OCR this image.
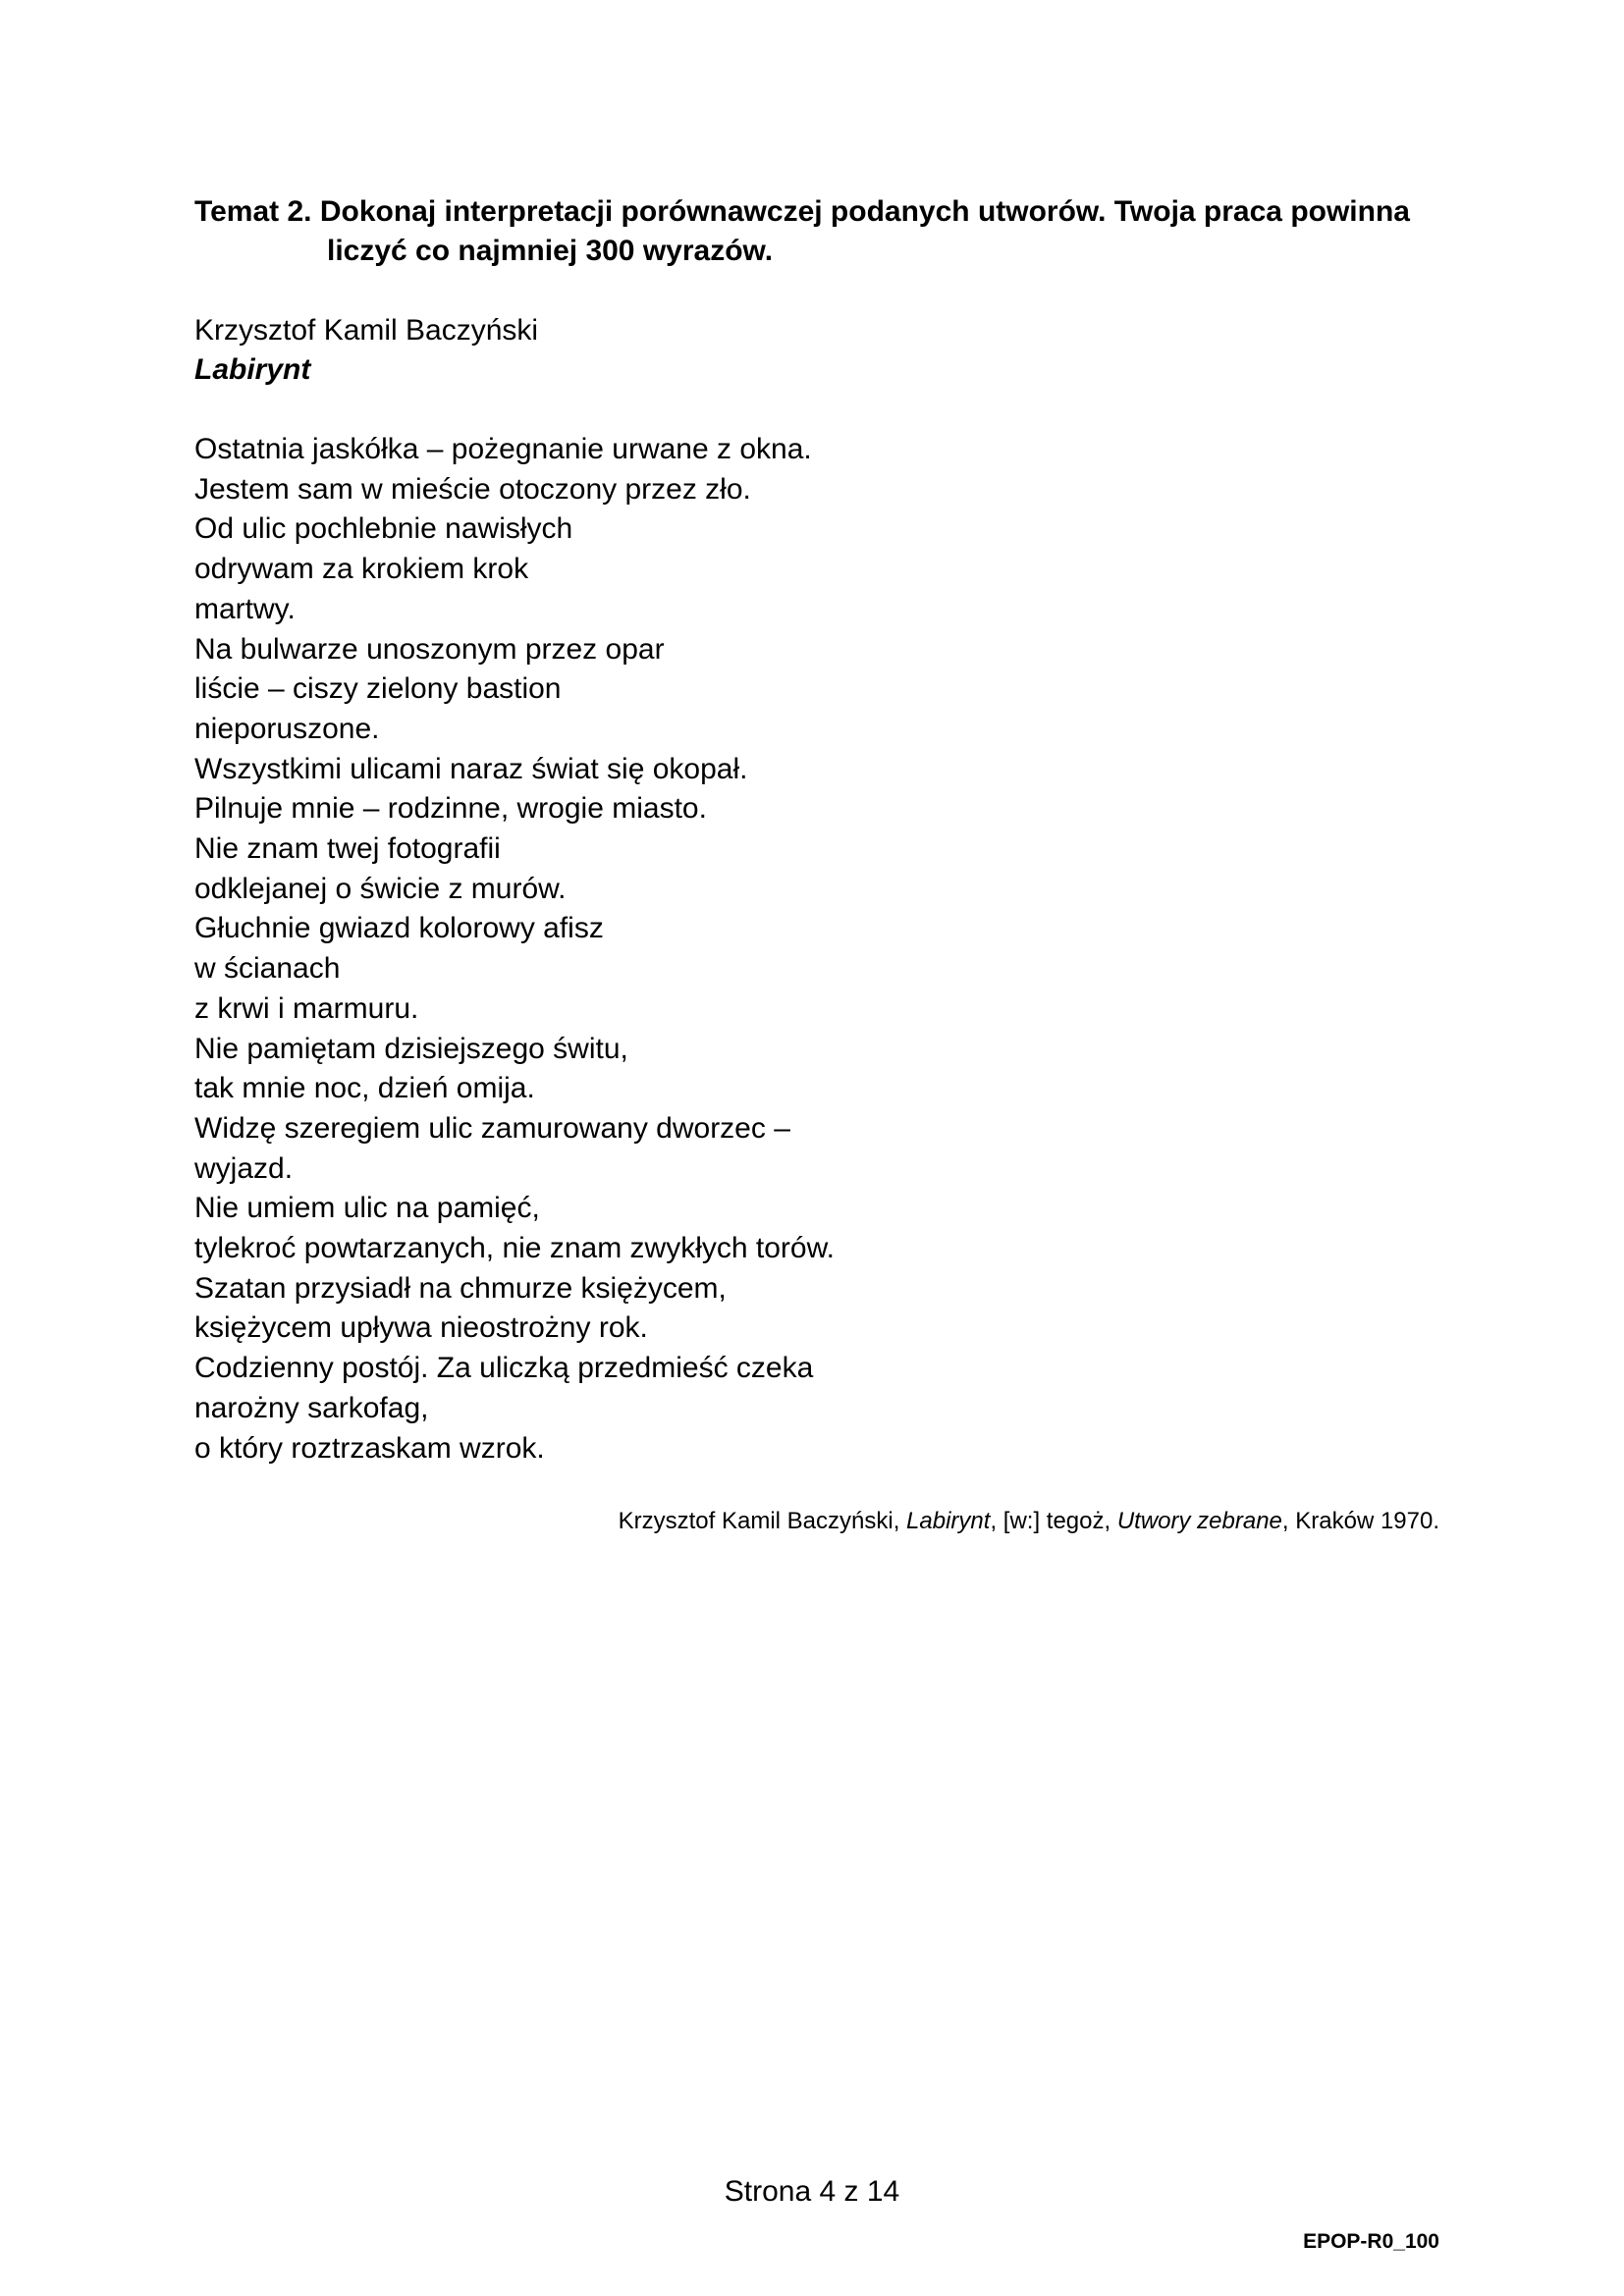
Temat 2. Dokonaj interpretacji porównawczej podanych utworów. Twoja praca powinna
liczyć co najmniej 300 wyrazów.
Krzysztof Kamil Baczyński
Labirynt
Ostatnia jaskółka – pożegnanie urwane z okna.
Jestem sam w mieście otoczony przez zło.
Od ulic pochlebnie nawisłych
odrywam za krokiem krok
martwy.
Na bulwarze unoszonym przez opar
liście – ciszy zielony bastion
nieporuszone.
Wszystkimi ulicami naraz świat się okopał.
Pilnuje mnie – rodzinne, wrogie miasto.
Nie znam twej fotografii
odklejanej o świcie z murów.
Głuchnie gwiazd kolorowy afisz
w ścianach
z krwi i marmuru.
Nie pamiętam dzisiejszego świtu,
tak mnie noc, dzień omija.
Widzę szeregiem ulic zamurowany dworzec –
wyjazd.
Nie umiem ulic na pamięć,
tylekroć powtarzanych, nie znam zwykłych torów.
Szatan przysiadł na chmurze księżycem,
księżycem upływa nieostrożny rok.
Codzienny postój. Za uliczką przedmieść czeka
narożny sarkofag,
o który roztrzaskam wzrok.
Krzysztof Kamil Baczyński, Labirynt, [w:] tegoż, Utwory zebrane, Kraków 1970.
Strona 4 z 14
EPOP-R0_100
